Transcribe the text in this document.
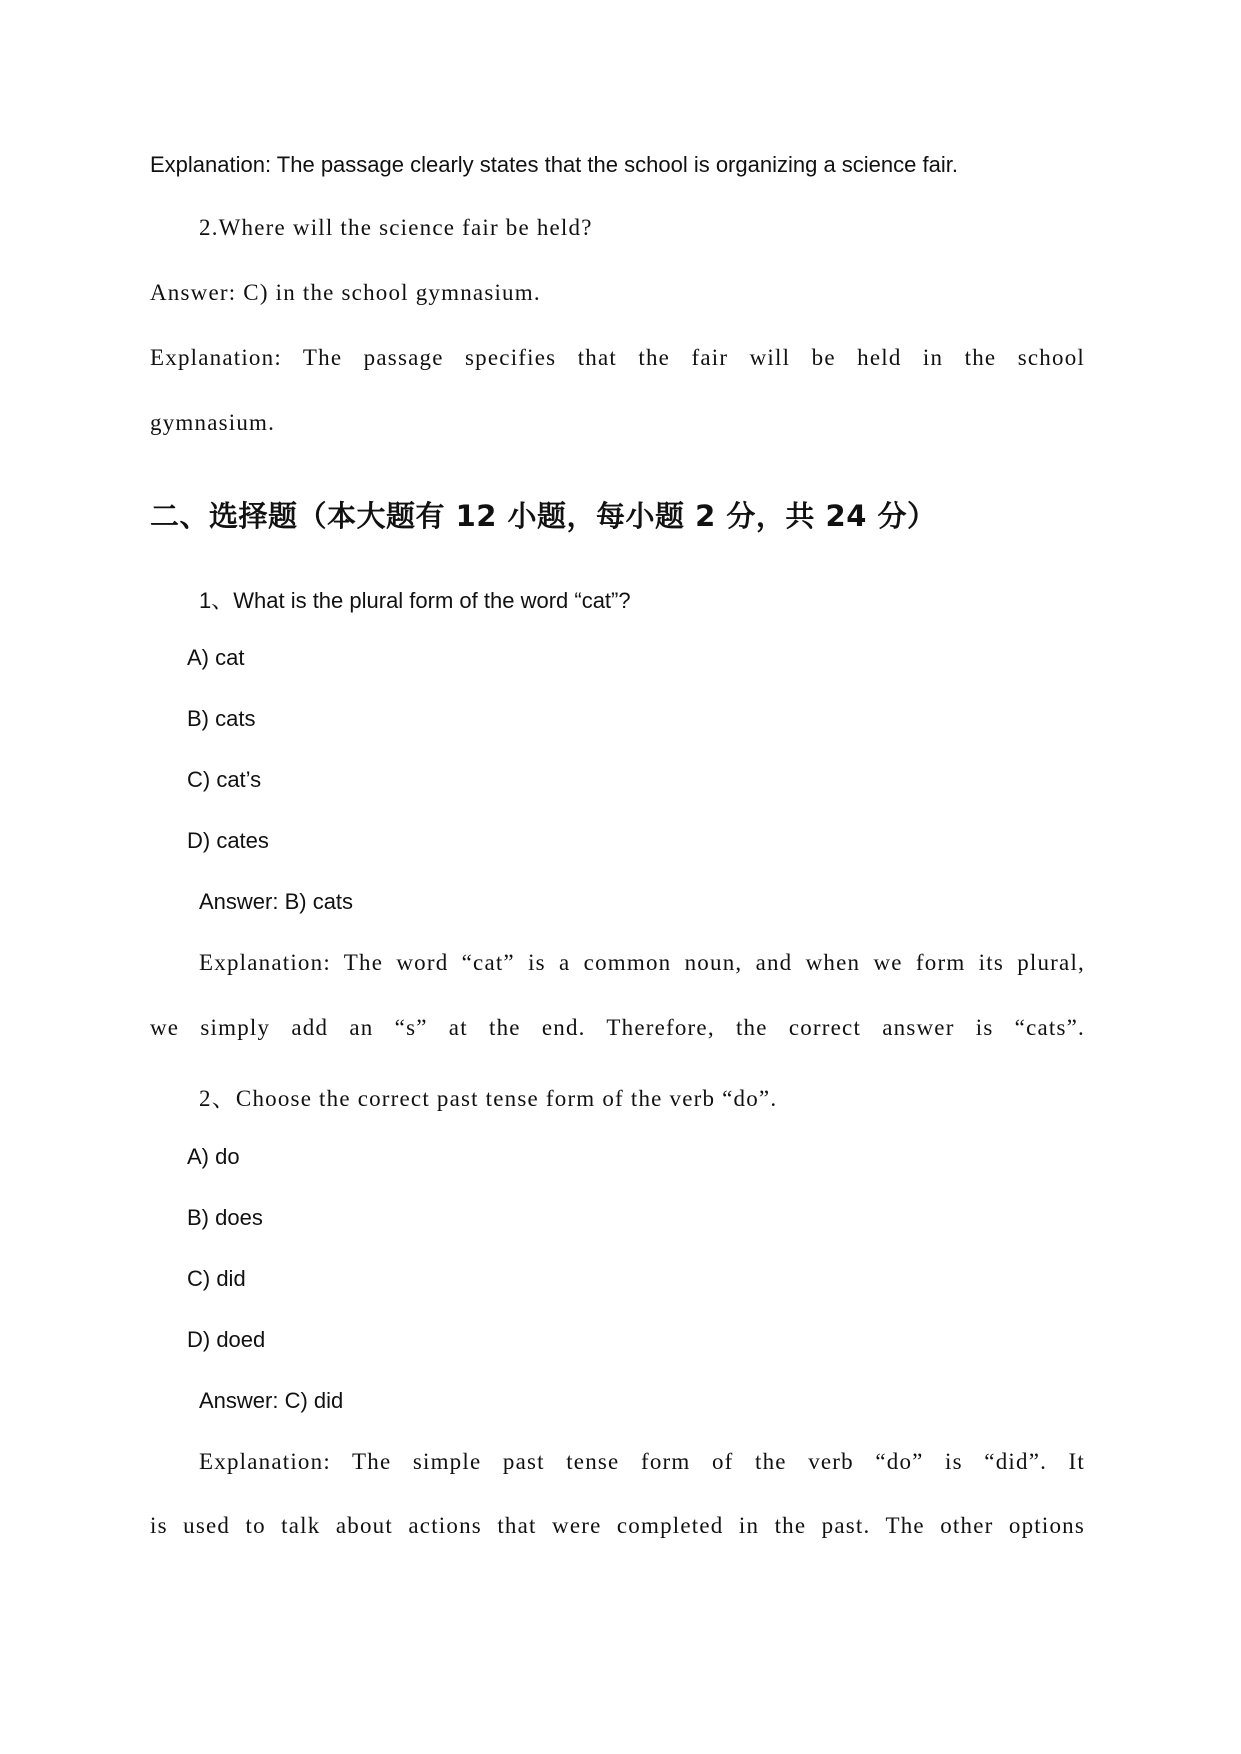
Explanation: The passage clearly states that the school is organizing a science fair.
2.Where will the science fair be held?
Answer: C) in the school gymnasium.
Explanation: The passage specifies that the fair will be held in the school
gymnasium.
二、选择题（本大题有 12 小题，每小题 2 分，共 24 分）
1、What is the plural form of the word “cat”?
A) cat
B) cats
C) cat’s
D) cates
Answer: B) cats
Explanation: The word “cat” is a common noun, and when we form its plural,
we simply add an “s” at the end. Therefore, the correct answer is “cats”.
2、Choose the correct past tense form of the verb “do”.
A) do
B) does
C) did
D) doed
Answer: C) did
Explanation: The simple past tense form of the verb “do” is “did”. It
is used to talk about actions that were completed in the past. The other options
